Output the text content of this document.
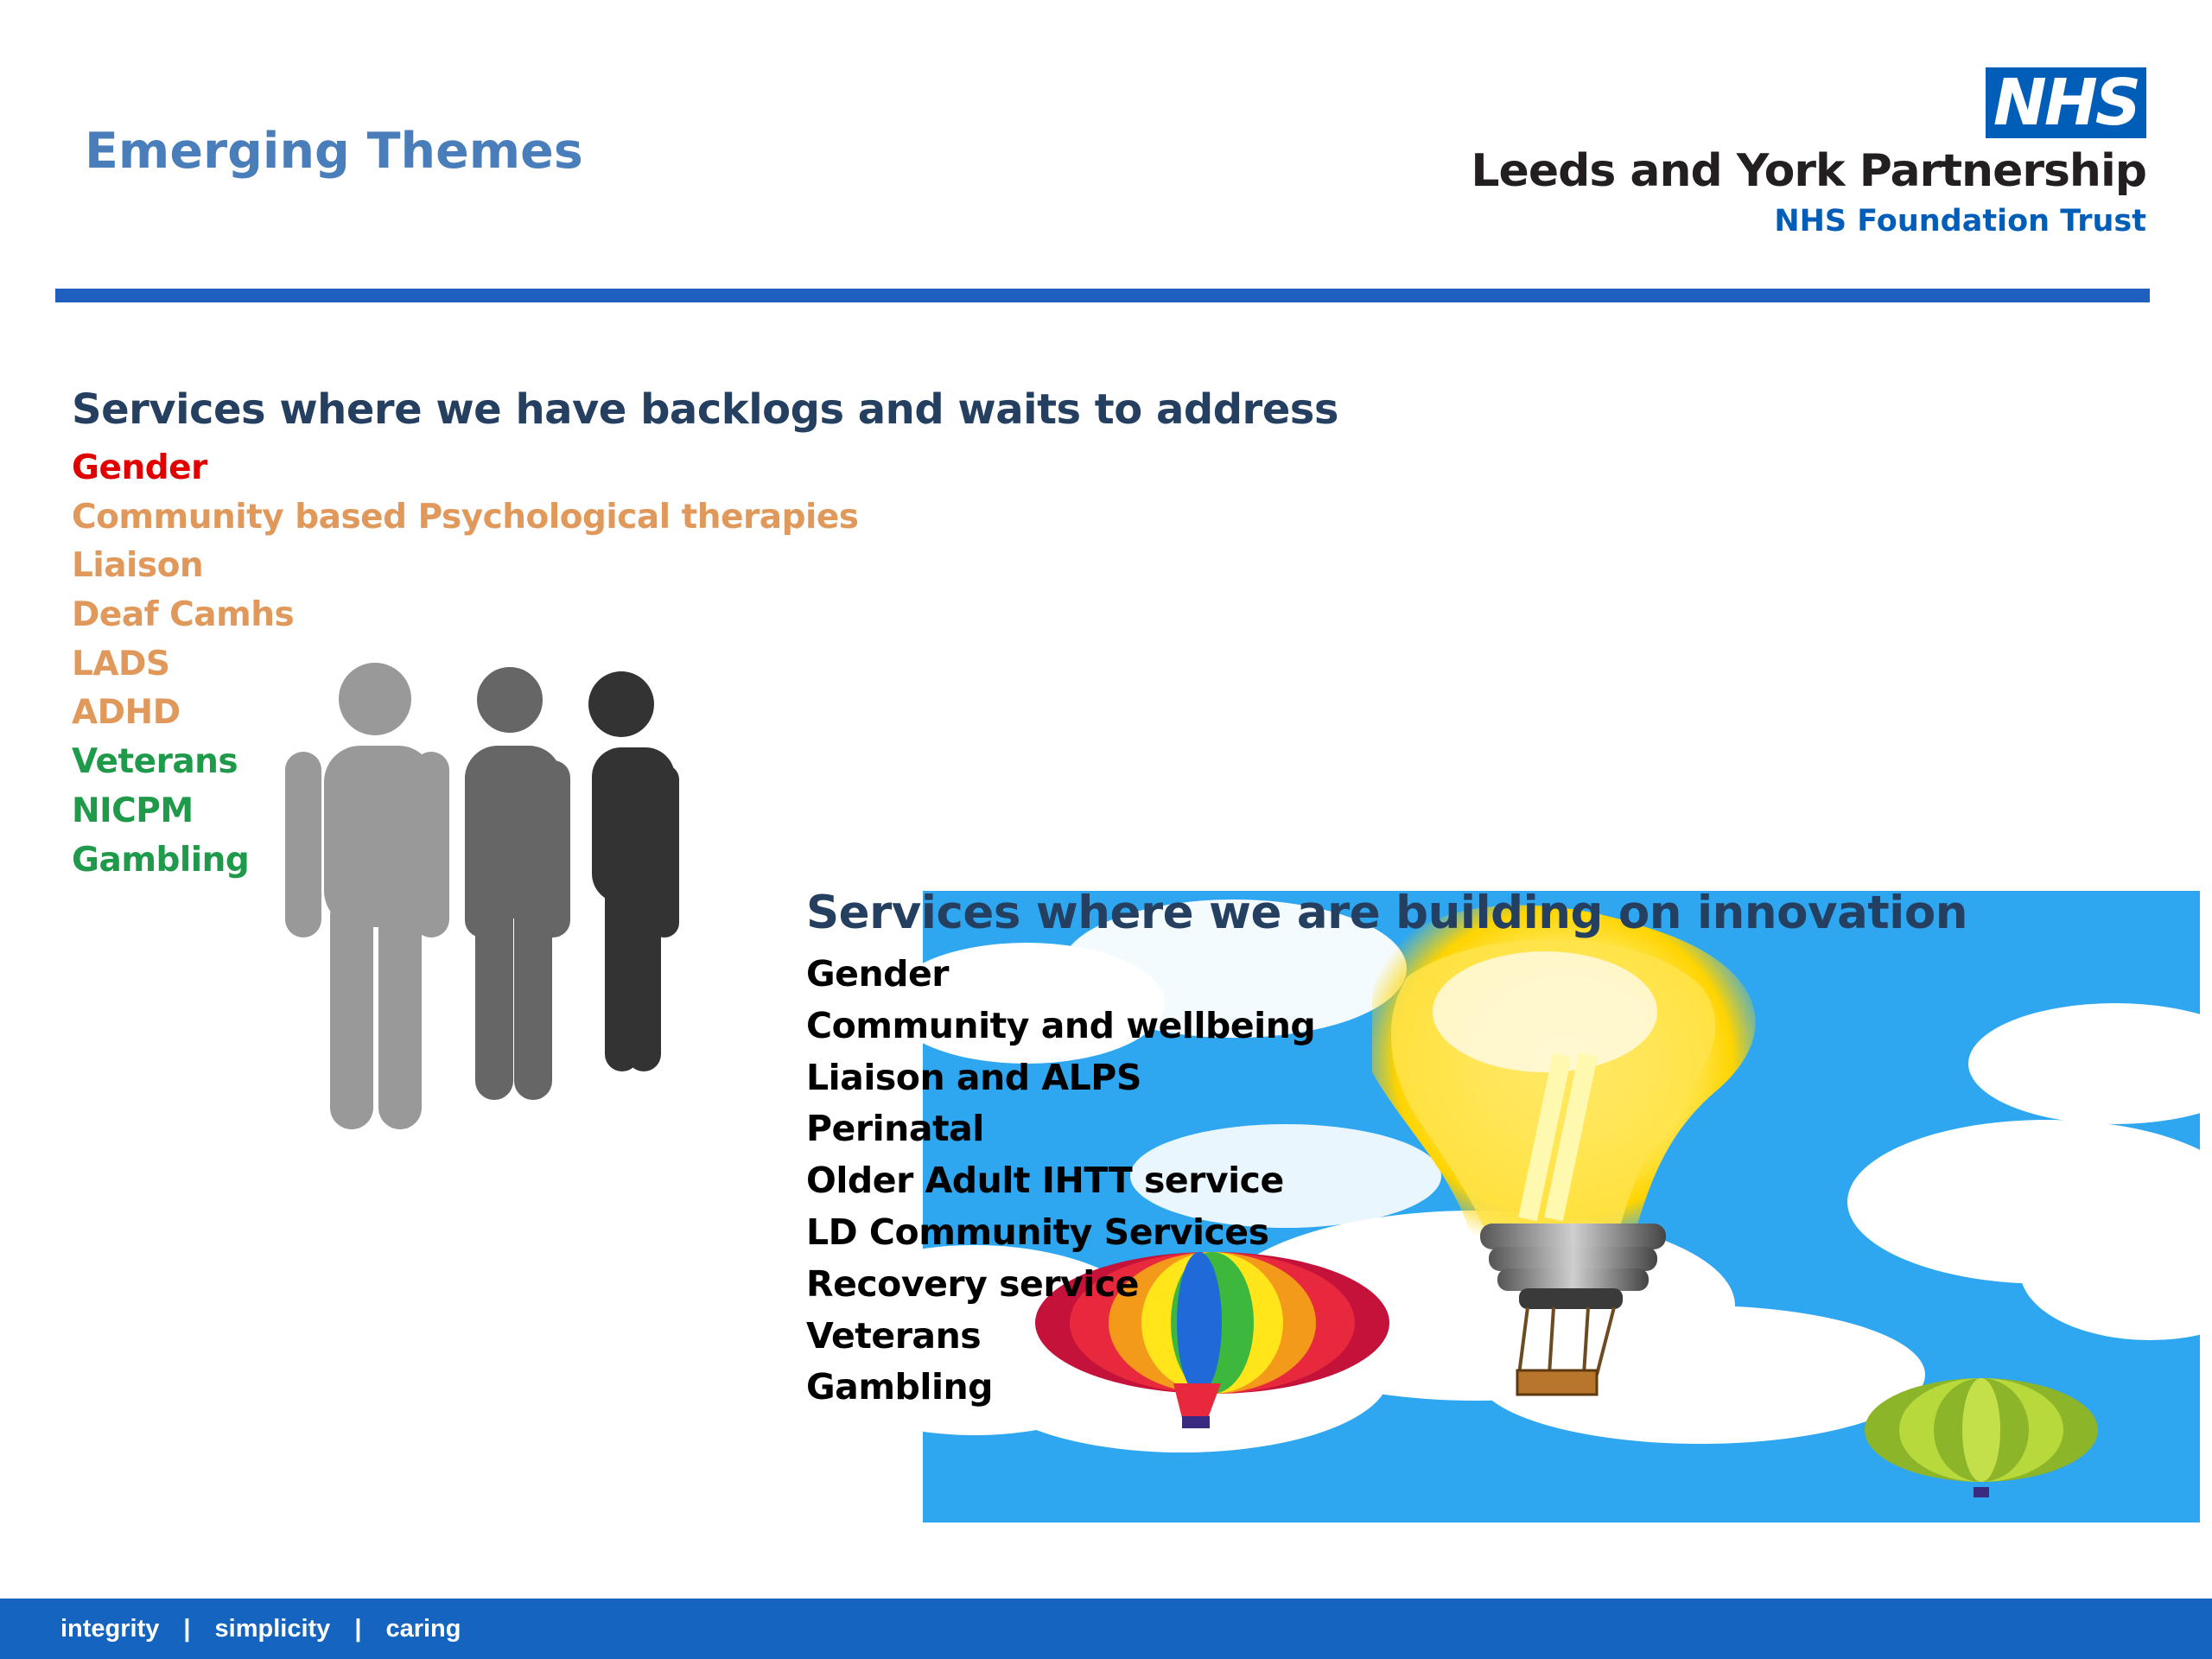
Emerging Themes
NHS
Leeds and York Partnership
NHS Foundation Trust
Services where we have backlogs and waits to address
Gender
Community based Psychological therapies
Liaison
Deaf Camhs
LADS
ADHD
Veterans
NICPM
Gambling
Services where we are building on innovation
Gender
Community and wellbeing
Liaison and ALPS
Perinatal
Older Adult IHTT service
LD Community Services
Recovery service
Veterans
Gambling
integrity | simplicity | caring
